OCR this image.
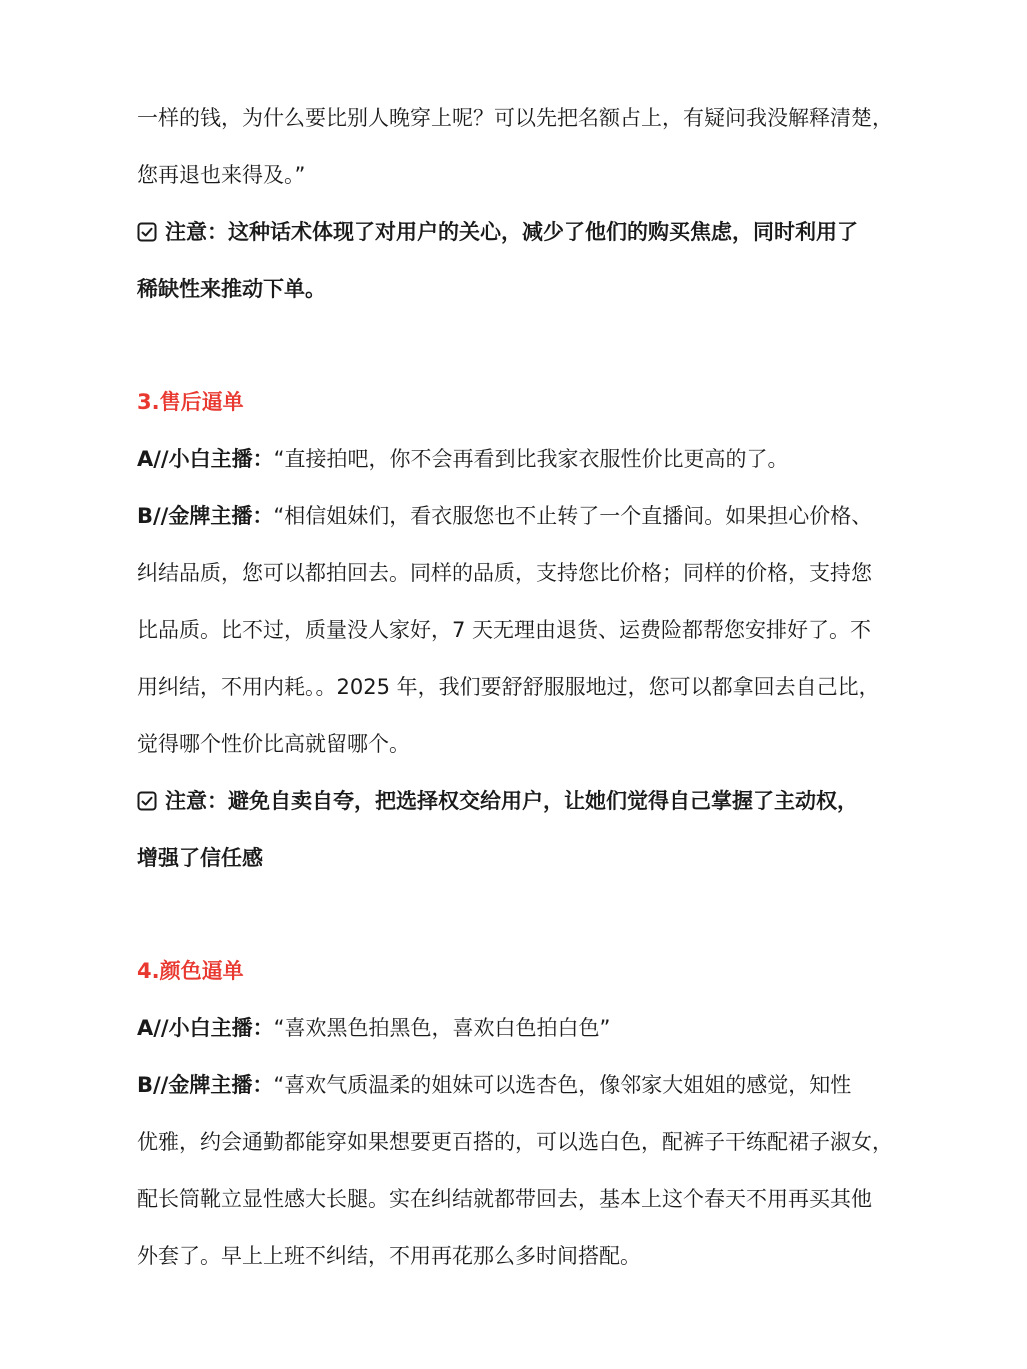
一样的钱，为什么要比别人晚穿上呢？可以先把名额占上，有疑问我没解释清楚，
您再退也来得及。”
注意：这种话术体现了对用户的关心，减少了他们的购买焦虑，同时利用了
稀缺性来推动下单。
3.售后逼单
A//小白主播：“直接拍吧，你不会再看到比我家衣服性价比更高的了。
B//金牌主播：“相信姐妹们，看衣服您也不止转了一个直播间。如果担心价格、
纠结品质，您可以都拍回去。同样的品质，支持您比价格；同样的价格，支持您
比品质。比不过，质量没人家好，7 天无理由退货、运费险都帮您安排好了。不
用纠结，不用内耗。。2025 年，我们要舒舒服服地过，您可以都拿回去自己比，
觉得哪个性价比高就留哪个。
注意：避免自卖自夸，把选择权交给用户，让她们觉得自己掌握了主动权，
增强了信任感
4.颜色逼单
A//小白主播：“喜欢黑色拍黑色，喜欢白色拍白色”
B//金牌主播：“喜欢气质温柔的姐妹可以选杏色，像邻家大姐姐的感觉，知性
优雅，约会通勤都能穿如果想要更百搭的，可以选白色，配裤子干练配裙子淑女，
配长筒靴立显性感大长腿。实在纠结就都带回去，基本上这个春天不用再买其他
外套了。早上上班不纠结，不用再花那么多时间搭配。
